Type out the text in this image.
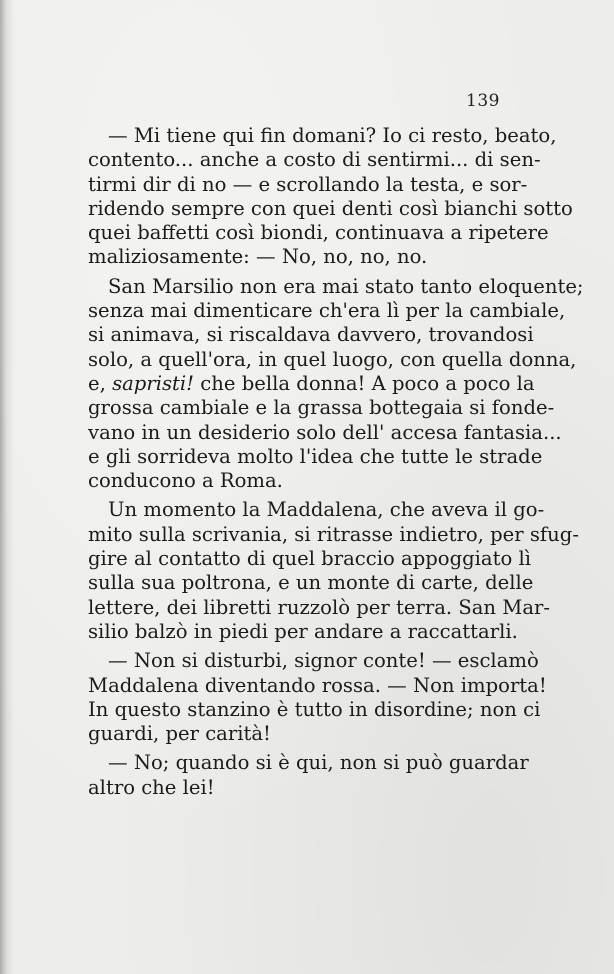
139
— Mi tiene qui fin domani? Io ci resto, beato,
contento... anche a costo di sentirmi... di sen-
tirmi dir di no — e scrollando la testa, e sor-
ridendo sempre con quei denti così bianchi sotto
quei baffetti così biondi, continuava a ripetere
maliziosamente: — No, no, no, no.
San Marsilio non era mai stato tanto eloquente;
senza mai dimenticare ch'era lì per la cambiale,
si animava, si riscaldava davvero, trovandosi
solo, a quell'ora, in quel luogo, con quella donna,
e, sapristi! che bella donna! A poco a poco la
grossa cambiale e la grassa bottegaia si fonde-
vano in un desiderio solo dell' accesa fantasia...
e gli sorrideva molto l'idea che tutte le strade
conducono a Roma.
Un momento la Maddalena, che aveva il go-
mito sulla scrivania, si ritrasse indietro, per sfug-
gire al contatto di quel braccio appoggiato lì
sulla sua poltrona, e un monte di carte, delle
lettere, dei libretti ruzzolò per terra. San Mar-
silio balzò in piedi per andare a raccattarli.
— Non si disturbi, signor conte! — esclamò
Maddalena diventando rossa. — Non importa!
In questo stanzino è tutto in disordine; non ci
guardi, per carità!
— No; quando si è qui, non si può guardar
altro che lei!
